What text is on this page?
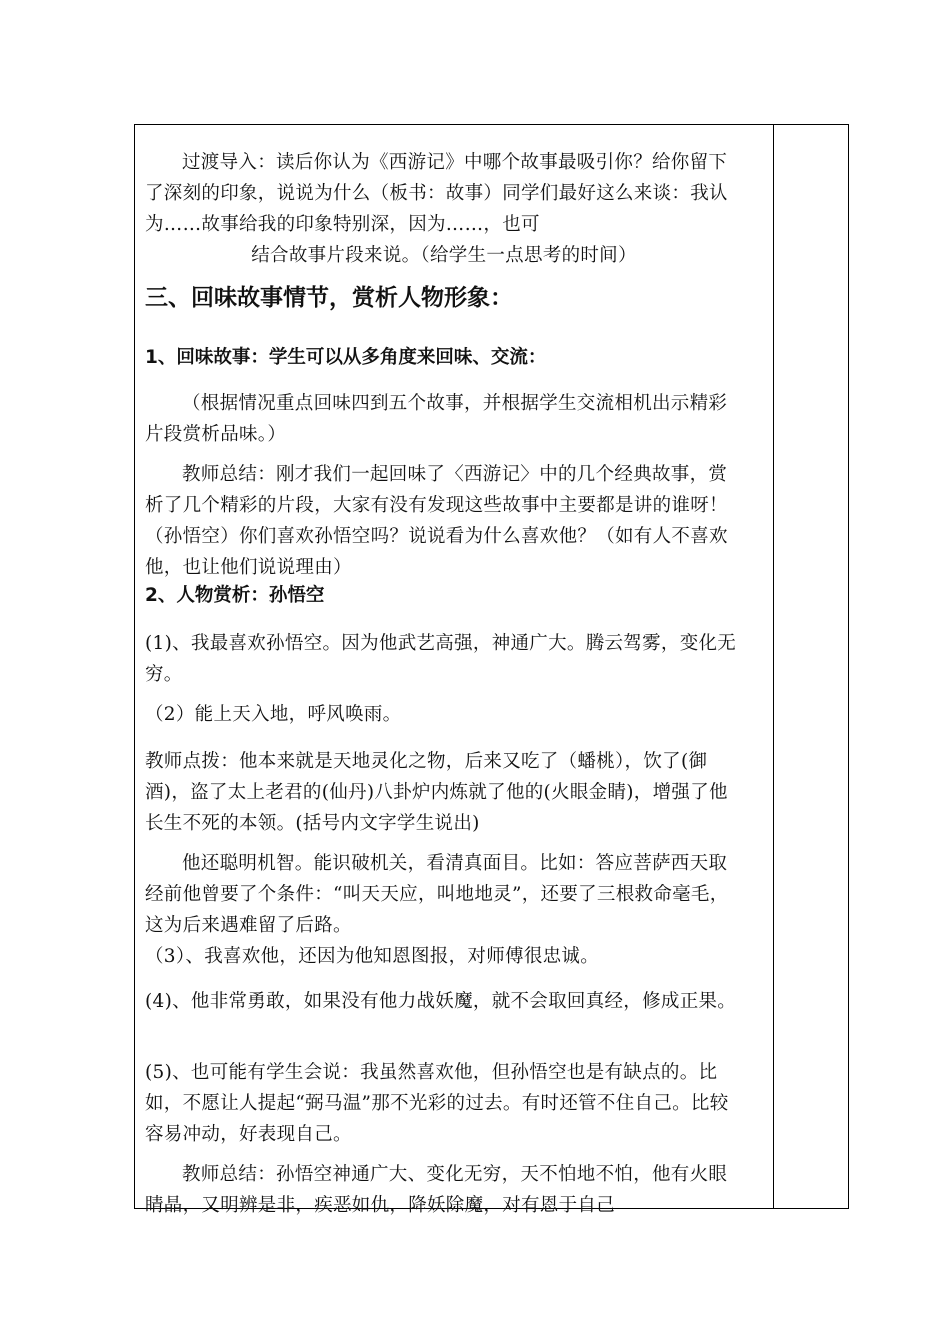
过渡导入：读后你认为《西游记》中哪个故事最吸引你？给你留下了深刻的印象，说说为什么（板书：故事）同学们最好这么来谈：我认为……故事给我的印象特别深，因为……，也可
结合故事片段来说。（给学生一点思考的时间）
三、回味故事情节，赏析人物形象：
1、回味故事：学生可以从多角度来回味、交流：
（根据情况重点回味四到五个故事，并根据学生交流相机出示精彩片段赏析品味。）
教师总结：刚才我们一起回味了〈西游记〉中的几个经典故事，赏析了几个精彩的片段，大家有没有发现这些故事中主要都是讲的谁呀！（孙悟空）你们喜欢孙悟空吗？说说看为什么喜欢他？（如有人不喜欢他，也让他们说说理由）
2、人物赏析：孙悟空
(1)、我最喜欢孙悟空。因为他武艺高强，神通广大。腾云驾雾，变化无穷。
（2）能上天入地，呼风唤雨。
教师点拨：他本来就是天地灵化之物，后来又吃了（蟠桃），饮了(御酒)，盗了太上老君的(仙丹)八卦炉内炼就了他的(火眼金睛)，增强了他长生不死的本领。(括号内文字学生说出)
他还聪明机智。能识破机关，看清真面目。比如：答应菩萨西天取经前他曾要了个条件：“叫天天应，叫地地灵”，还要了三根救命毫毛，这为后来遇难留了后路。
（3）、我喜欢他，还因为他知恩图报，对师傅很忠诚。
(4)、他非常勇敢，如果没有他力战妖魔，就不会取回真经，修成正果。
(5)、也可能有学生会说：我虽然喜欢他，但孙悟空也是有缺点的。比如，不愿让人提起“弼马温”那不光彩的过去。有时还管不住自己。比较容易冲动，好表现自己。
教师总结：孙悟空神通广大、变化无穷，天不怕地不怕，他有火眼睛晶，又明辨是非，疾恶如仇，降妖除魔，对有恩于自己
